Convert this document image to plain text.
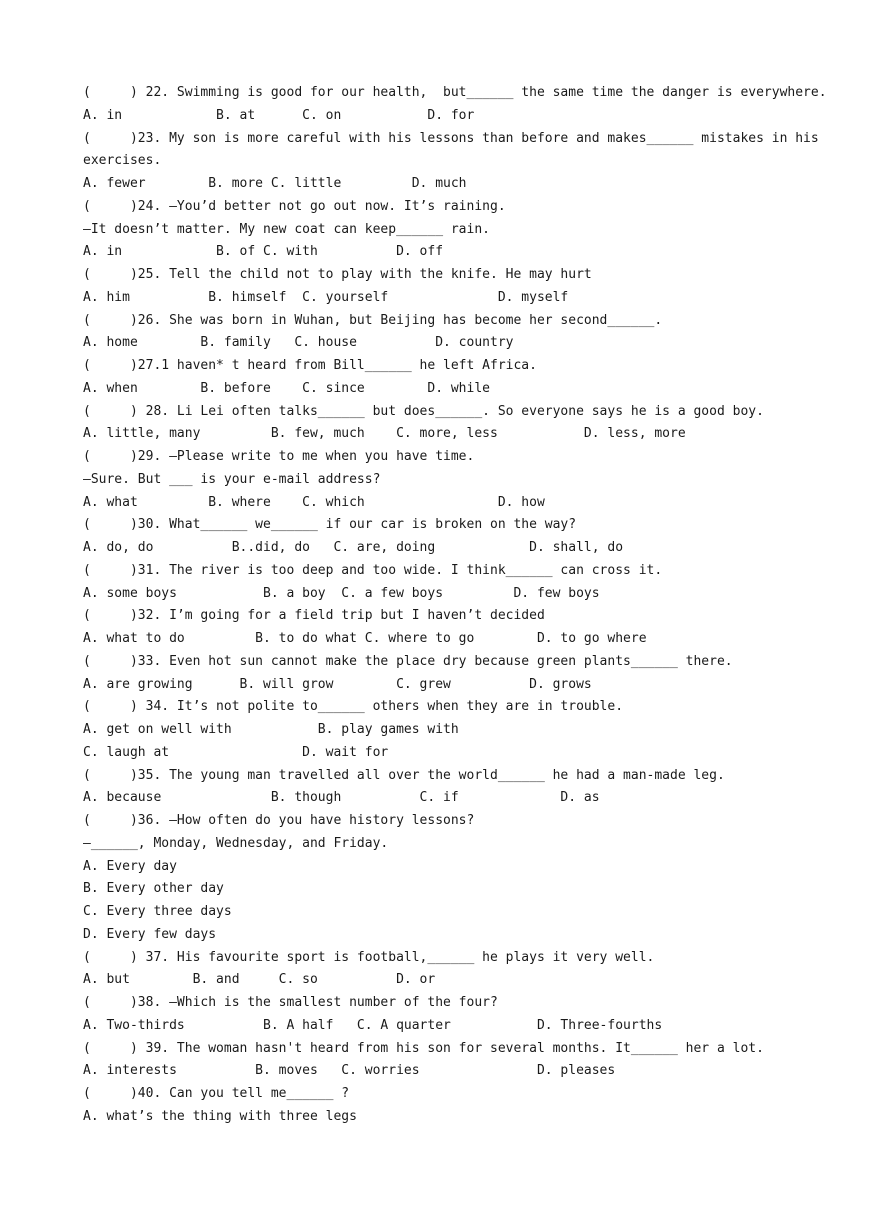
(     ) 22. Swimming is good for our health,  but______ the same time the danger is everywhere.
A. in            B. at      C. on           D. for
(     )23. My son is more careful with his lessons than before and makes______ mistakes in his
exercises.
A. fewer        B. more C. little         D. much
(     )24. —You’d better not go out now. It’s raining.
—It doesn’t matter. My new coat can keep______ rain.
A. in            B. of C. with          D. off
(     )25. Tell the child not to play with the knife. He may hurt
A. him          B. himself  C. yourself              D. myself
(     )26. She was born in Wuhan, but Beijing has become her second______.
A. home        B. family   C. house          D. country
(     )27.1 haven* t heard from Bill______ he left Africa.
A. when        B. before    C. since        D. while
(     ) 28. Li Lei often talks______ but does______. So everyone says he is a good boy.
A. little, many         B. few, much    C. more, less           D. less, more
(     )29. —Please write to me when you have time.
—Sure. But ___ is your e-mail address?
A. what         B. where    C. which                 D. how
(     )30. What______ we______ if our car is broken on the way?
A. do, do          B..did, do   C. are, doing            D. shall, do
(     )31. The river is too deep and too wide. I think______ can cross it.
A. some boys           B. a boy  C. a few boys         D. few boys
(     )32. I’m going for a field trip but I haven’t decided
A. what to do         B. to do what C. where to go        D. to go where
(     )33. Even hot sun cannot make the place dry because green plants______ there.
A. are growing      B. will grow        C. grew          D. grows
(     ) 34. It’s not polite to______ others when they are in trouble.
A. get on well with           B. play games with
C. laugh at                 D. wait for
(     )35. The young man travelled all over the world______ he had a man-made leg.
A. because              B. though          C. if             D. as
(     )36. —How often do you have history lessons?
—______, Monday, Wednesday, and Friday.
A. Every day
B. Every other day
C. Every three days
D. Every few days
(     ) 37. His favourite sport is football,______ he plays it very well.
A. but        B. and     C. so          D. or
(     )38. —Which is the smallest number of the four?
A. Two-thirds          B. A half   C. A quarter           D. Three-fourths
(     ) 39. The woman hasn't heard from his son for several months. It______ her a lot.
A. interests          B. moves   C. worries               D. pleases
(     )40. Can you tell me______ ?
A. what’s the thing with three legs
